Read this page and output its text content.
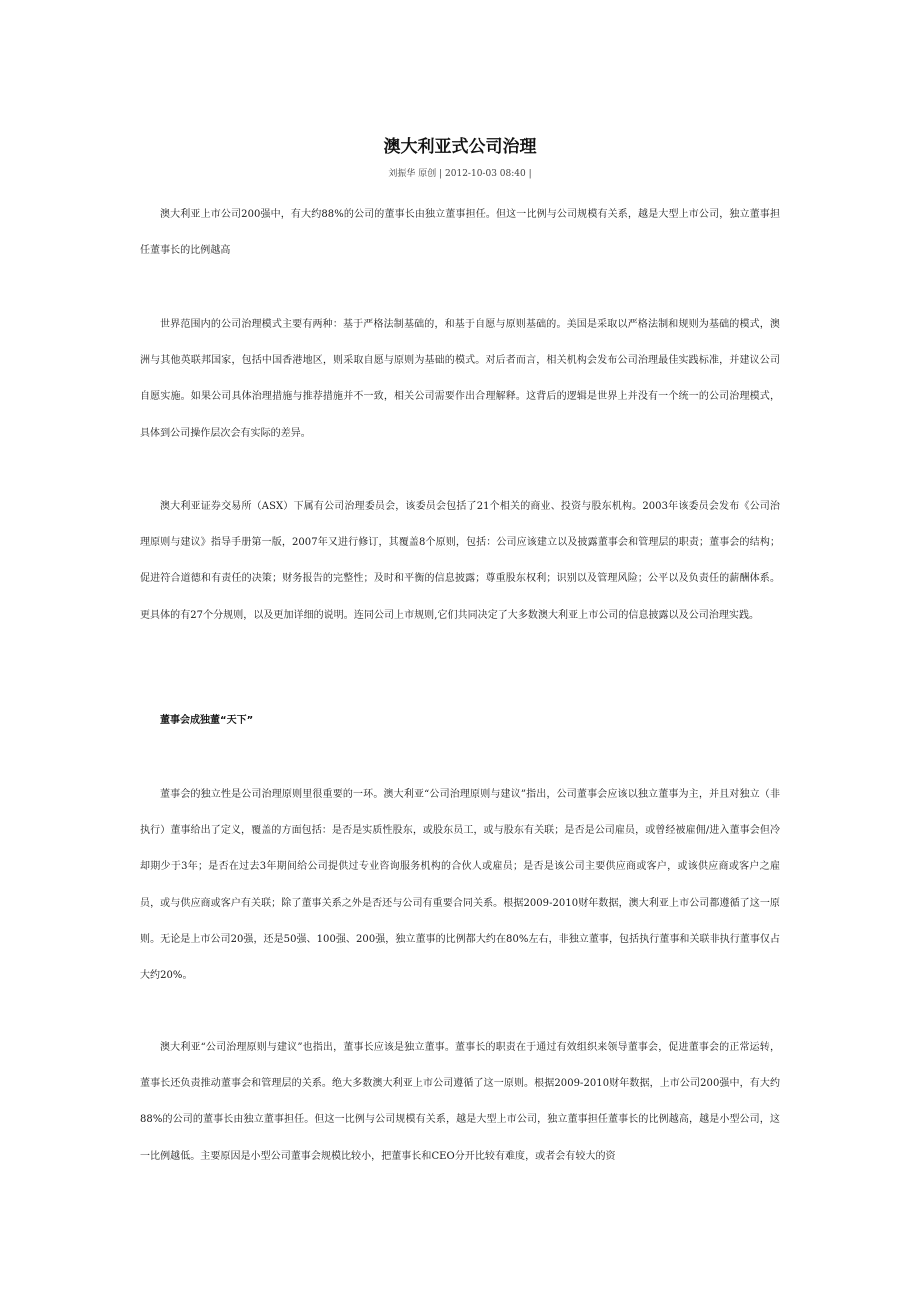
澳大利亚式公司治理
刘振华 原创 | 2012-10-03 08:40 |

澳大利亚上市公司200强中，有大约88%的公司的董事长由独立董事担任。但这一比例与公司规模有关系，越是大型上市公司，独立董事担任董事长的比例越高

世界范围内的公司治理模式主要有两种：基于严格法制基础的，和基于自愿与原则基础的。美国是采取以严格法制和规则为基础的模式，澳洲与其他英联邦国家，包括中国香港地区，则采取自愿与原则为基础的模式。对后者而言，相关机构会发布公司治理最佳实践标准，并建议公司自愿实施。如果公司具体治理措施与推荐措施并不一致，相关公司需要作出合理解释。这背后的逻辑是世界上并没有一个统一的公司治理模式，具体到公司操作层次会有实际的差异。

澳大利亚证券交易所（ASX）下属有公司治理委员会，该委员会包括了21个相关的商业、投资与股东机构。2003年该委员会发布《公司治理原则与建议》指导手册第一版，2007年又进行修订，其覆盖8个原则，包括：公司应该建立以及披露董事会和管理层的职责；董事会的结构；促进符合道德和有责任的决策；财务报告的完整性；及时和平衡的信息披露；尊重股东权利；识别以及管理风险；公平以及负责任的薪酬体系。更具体的有27个分规则，以及更加详细的说明。连同公司上市规则,它们共同决定了大多数澳大利亚上市公司的信息披露以及公司治理实践。

董事会成独董“天下”

董事会的独立性是公司治理原则里很重要的一环。澳大利亚“公司治理原则与建议”指出，公司董事会应该以独立董事为主，并且对独立（非执行）董事给出了定义，覆盖的方面包括：是否是实质性股东，或股东员工，或与股东有关联；是否是公司雇员，或曾经被雇佣/进入董事会但冷却期少于3年；是否在过去3年期间给公司提供过专业咨询服务机构的合伙人或雇员；是否是该公司主要供应商或客户，或该供应商或客户之雇员，或与供应商或客户有关联；除了董事关系之外是否还与公司有重要合同关系。根据2009-2010财年数据，澳大利亚上市公司都遵循了这一原则。无论是上市公司20强，还是50强、100强、200强，独立董事的比例都大约在80%左右，非独立董事，包括执行董事和关联非执行董事仅占大约20%。

澳大利亚“公司治理原则与建议”也指出，董事长应该是独立董事。董事长的职责在于通过有效组织来领导董事会，促进董事会的正常运转，董事长还负责推动董事会和管理层的关系。绝大多数澳大利亚上市公司遵循了这一原则。根据2009-2010财年数据，上市公司200强中，有大约88%的公司的董事长由独立董事担任。但这一比例与公司规模有关系，越是大型上市公司，独立董事担任董事长的比例越高，越是小型公司，这一比例越低。主要原因是小型公司董事会规模比较小，把董事长和CEO分开比较有难度，或者会有较大的资
